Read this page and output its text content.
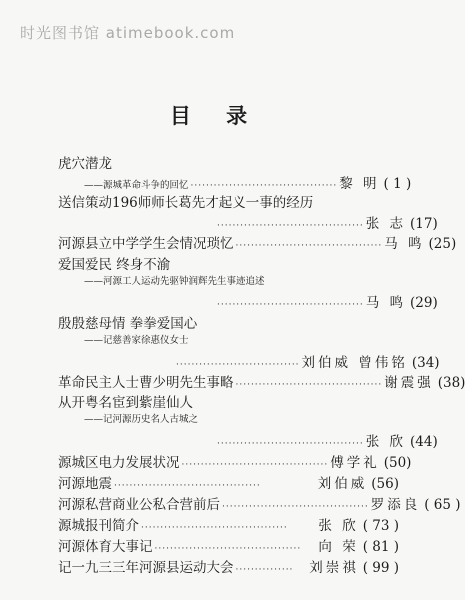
时光图书馆 atimebook.com
目 录
虎穴潜龙
——源城革命斗争的回忆 ······································ 黎 明 ( 1 )
送信策动196师师长葛先才起义一事的经历
······································ 张 志 (17)
河源县立中学学生会情况琐忆 ······································ 马 鸣 (25)
爱国爱民 终身不渝
——河源工人运动先驱钟润辉先生事迹追述
······································ 马 鸣 (29)
殷殷慈母情 拳拳爱国心
——记慈善家徐惠仪女士
································ 刘伯威 曾伟铭 (34)
革命民主人士曹少明先生事略 ······································ 谢震强 (38)
从开粤名宦到紫崖仙人
——记河源历史名人古城之
······································ 张 欣 (44)
源城区电力发展状况 ······································ 傅学礼 (50)
河源地震 ······································	刘伯威 (56)
河源私营商业公私合营前后 ······································ 罗添良 ( 65 )
源城报刊简介 ······································	张 欣 ( 73 )
河源体育大事记 ······································	向 荣 ( 81 )
记一九三三年河源县运动大会 ···············	刘崇祺 ( 99 )
